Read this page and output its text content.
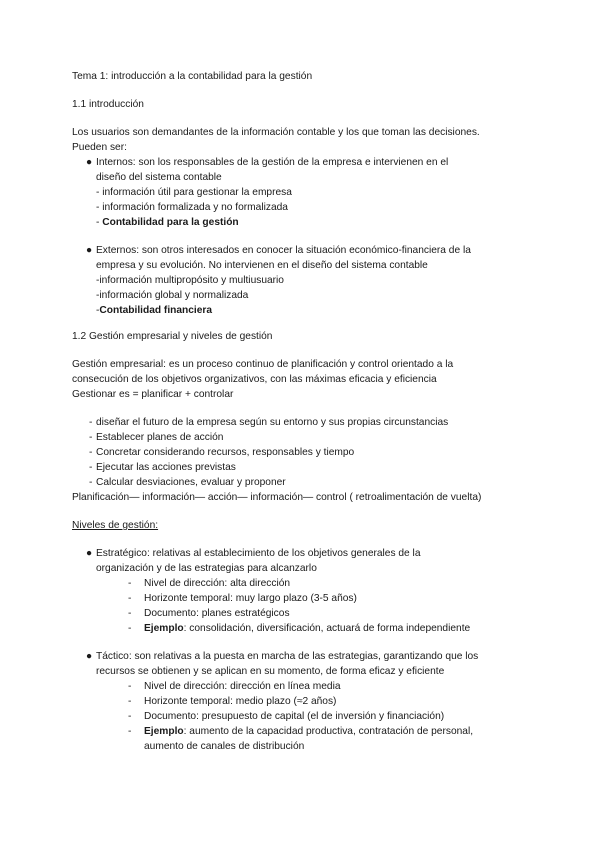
Tema 1: introducción a la contabilidad para la gestión
1.1 introducción
Los usuarios son demandantes de la información contable y los que toman las decisiones.
Pueden ser:
● Internos: son los responsables de la gestión de la empresa e intervienen en el
diseño del sistema contable
- información útil para gestionar la empresa
- información formalizada y no formalizada
- Contabilidad para la gestión
● Externos: son otros interesados en conocer la situación económico-financiera de la
empresa y su evolución. No intervienen en el diseño del sistema contable
-información multipropósito y multiusuario
-información global y normalizada
-Contabilidad financiera
1.2 Gestión empresarial y niveles de gestión
Gestión empresarial: es un proceso continuo de planificación y control orientado a la
consecución de los objetivos organizativos, con las máximas eficacia y eficiencia
Gestionar es = planificar + controlar
- diseñar el futuro de la empresa según su entorno y sus propias circunstancias
- Establecer planes de acción
- Concretar considerando recursos, responsables y tiempo
- Ejecutar las acciones previstas
- Calcular desviaciones, evaluar y proponer
Planificación— información— acción— información— control ( retroalimentación de vuelta)
Niveles de gestión:
● Estratégico: relativas al establecimiento de los objetivos generales de la
organización y de las estrategias para alcanzarlo
- Nivel de dirección: alta dirección
- Horizonte temporal: muy largo plazo (3-5 años)
- Documento: planes estratégicos
- Ejemplo: consolidación, diversificación, actuará de forma independiente
● Táctico: son relativas a la puesta en marcha de las estrategias, garantizando que los
recursos se obtienen y se aplican en su momento, de forma eficaz y eficiente
- Nivel de dirección: dirección en línea media
- Horizonte temporal: medio plazo (≈2 años)
- Documento: presupuesto de capital (el de inversión y financiación)
- Ejemplo: aumento de la capacidad productiva, contratación de personal,
aumento de canales de distribución
